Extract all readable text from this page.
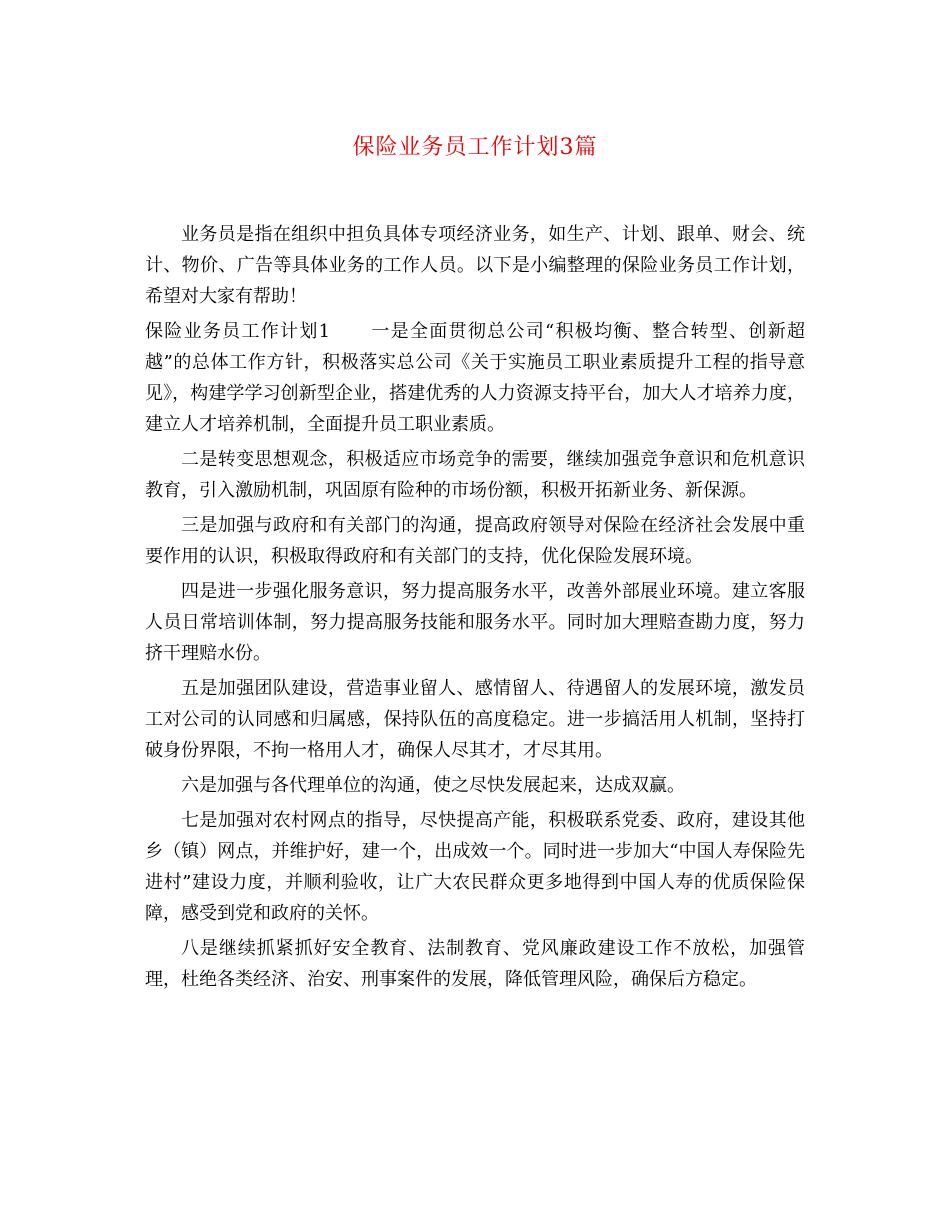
保险业务员工作计划3篇

业务员是指在组织中担负具体专项经济业务，如生产、计划、跟单、财会、统计、物价、广告等具体业务的工作人员。以下是小编整理的保险业务员工作计划，希望对大家有帮助！

保险业务员工作计划1 一是全面贯彻总公司“积极均衡、整合转型、创新超越”的总体工作方针，积极落实总公司《关于实施员工职业素质提升工程的指导意见》，构建学学习创新型企业，搭建优秀的人力资源支持平台，加大人才培养力度，建立人才培养机制，全面提升员工职业素质。

二是转变思想观念，积极适应市场竞争的需要，继续加强竞争意识和危机意识教育，引入激励机制，巩固原有险种的市场份额，积极开拓新业务、新保源。

三是加强与政府和有关部门的沟通，提高政府领导对保险在经济社会发展中重要作用的认识，积极取得政府和有关部门的支持，优化保险发展环境。

四是进一步强化服务意识，努力提高服务水平，改善外部展业环境。建立客服人员日常培训体制，努力提高服务技能和服务水平。同时加大理赔查勘力度，努力挤干理赔水份。

五是加强团队建设，营造事业留人、感情留人、待遇留人的发展环境，激发员工对公司的认同感和归属感，保持队伍的高度稳定。进一步搞活用人机制，坚持打破身份界限，不拘一格用人才，确保人尽其才，才尽其用。

六是加强与各代理单位的沟通，使之尽快发展起来，达成双赢。

七是加强对农村网点的指导，尽快提高产能，积极联系党委、政府，建设其他乡（镇）网点，并维护好，建一个，出成效一个。同时进一步加大“中国人寿保险先进村”建设力度，并顺利验收，让广大农民群众更多地得到中国人寿的优质保险保障，感受到党和政府的关怀。

八是继续抓紧抓好安全教育、法制教育、党风廉政建设工作不放松，加强管理，杜绝各类经济、治安、刑事案件的发展，降低管理风险，确保后方稳定。
